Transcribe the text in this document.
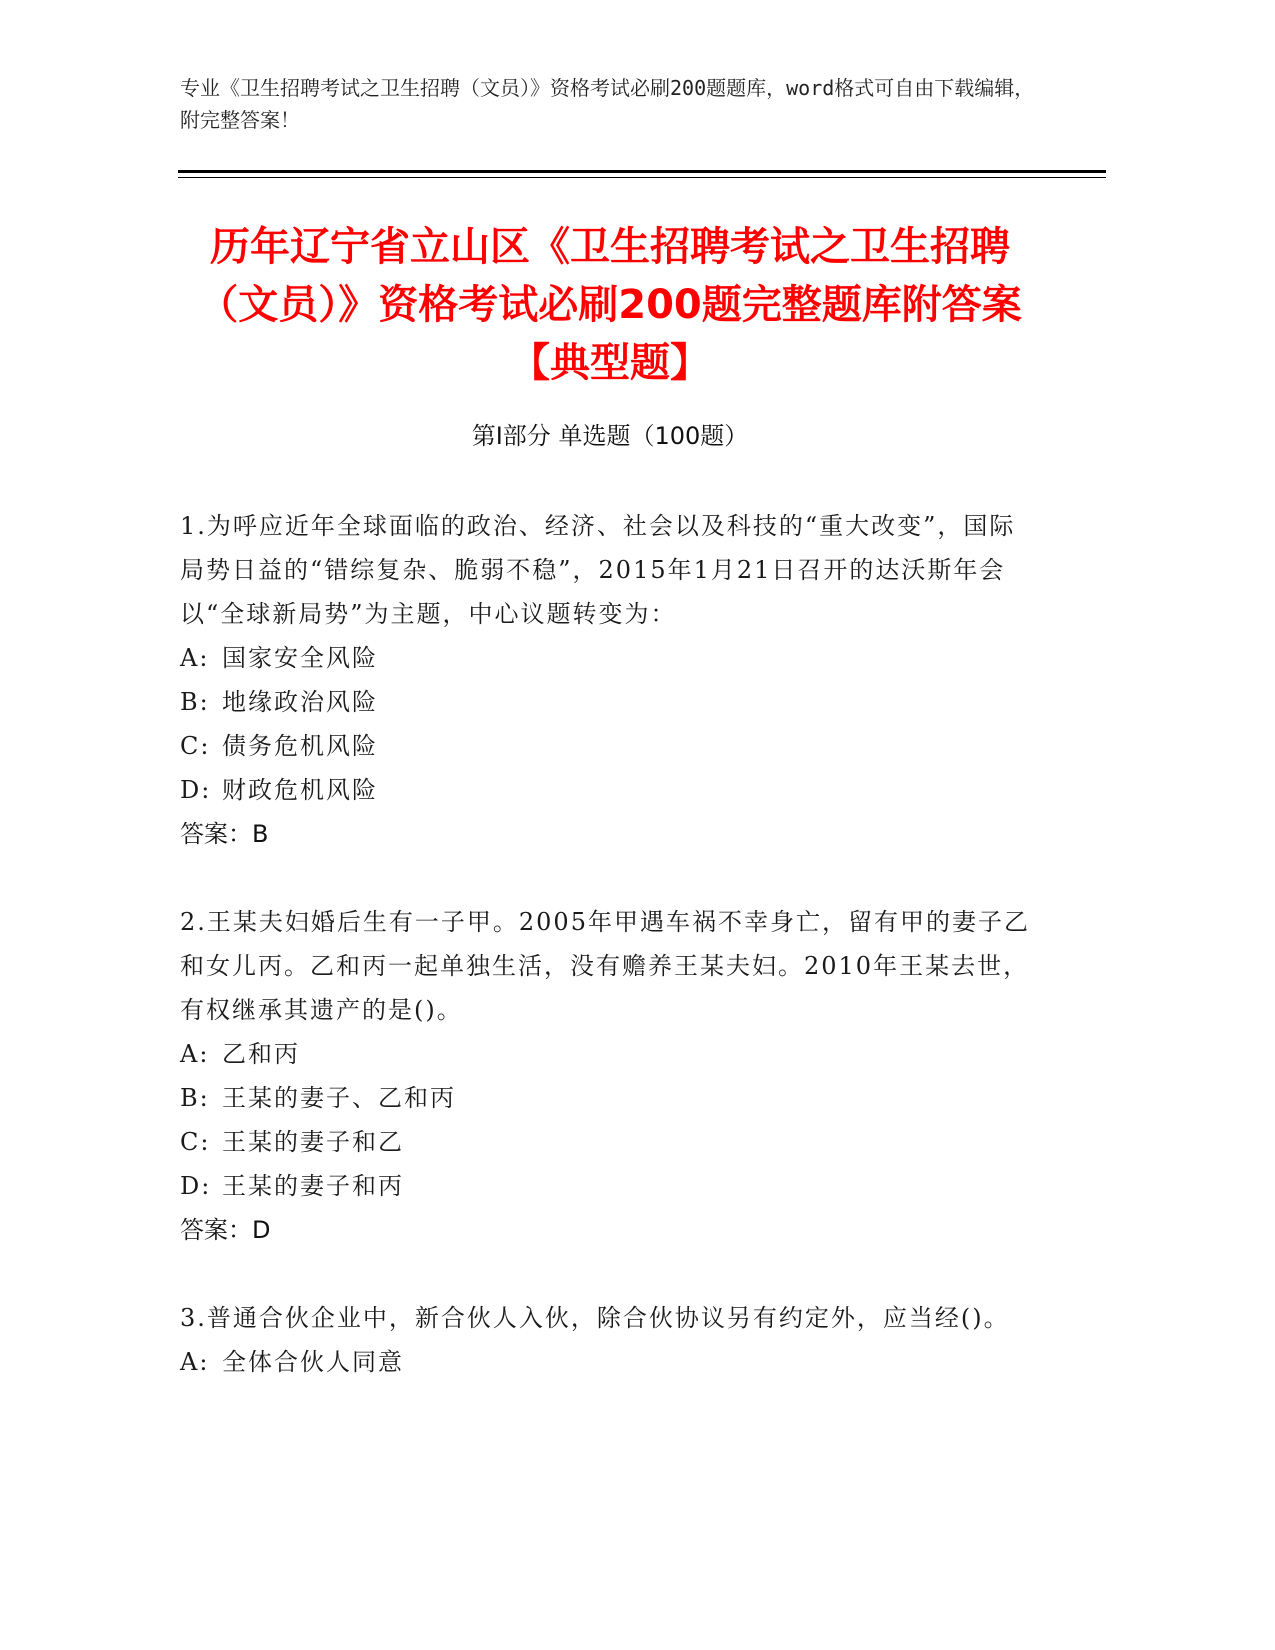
专业《卫生招聘考试之卫生招聘（文员）》资格考试必刷200题题库，word格式可自由下载编辑，附完整答案！
历年辽宁省立山区《卫生招聘考试之卫生招聘（文员）》资格考试必刷200题完整题库附答案【典型题】
第Ⅰ部分 单选题（100题）
1.为呼应近年全球面临的政治、经济、社会以及科技的“重大改变”，国际局势日益的“错综复杂、脆弱不稳”，2015年1月21日召开的达沃斯年会以“全球新局势”为主题，中心议题转变为：
A: 国家安全风险
B: 地缘政治风险
C: 债务危机风险
D: 财政危机风险
答案：B
2.王某夫妇婚后生有一子甲。2005年甲遇车祸不幸身亡，留有甲的妻子乙和女儿丙。乙和丙一起单独生活，没有赡养王某夫妇。2010年王某去世，有权继承其遗产的是()。
A: 乙和丙
B: 王某的妻子、乙和丙
C: 王某的妻子和乙
D: 王某的妻子和丙
答案：D
3.普通合伙企业中，新合伙人入伙，除合伙协议另有约定外，应当经()。
A: 全体合伙人同意
